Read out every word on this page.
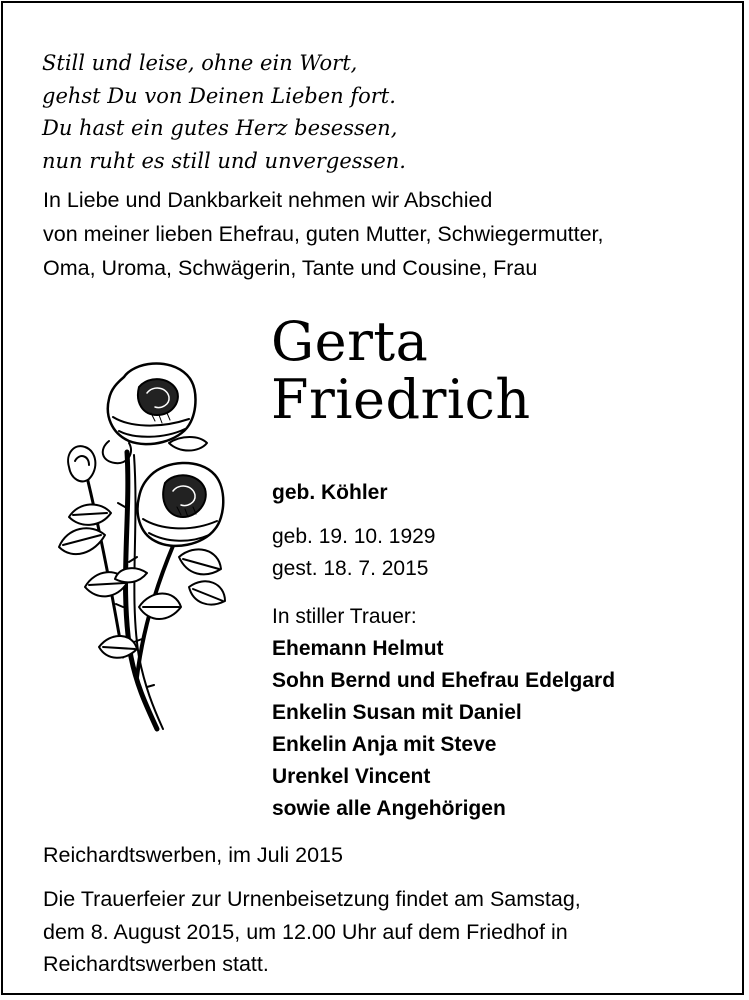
Still und leise, ohne ein Wort,
gehst Du von Deinen Lieben fort.
Du hast ein gutes Herz besessen,
nun ruht es still und unvergessen.
In Liebe und Dankbarkeit nehmen wir Abschied
von meiner lieben Ehefrau, guten Mutter, Schwiegermutter,
Oma, Uroma, Schwägerin, Tante und Cousine, Frau
Gerta
Friedrich
geb. Köhler
geb. 19. 10. 1929
gest. 18. 7. 2015
In stiller Trauer:
Ehemann Helmut
Sohn Bernd und Ehefrau Edelgard
Enkelin Susan mit Daniel
Enkelin Anja mit Steve
Urenkel Vincent
sowie alle Angehörigen
Reichardtswerben, im Juli 2015
Die Trauerfeier zur Urnenbeisetzung findet am Samstag,
dem 8. August 2015, um 12.00 Uhr auf dem Friedhof in
Reichardtswerben statt.
